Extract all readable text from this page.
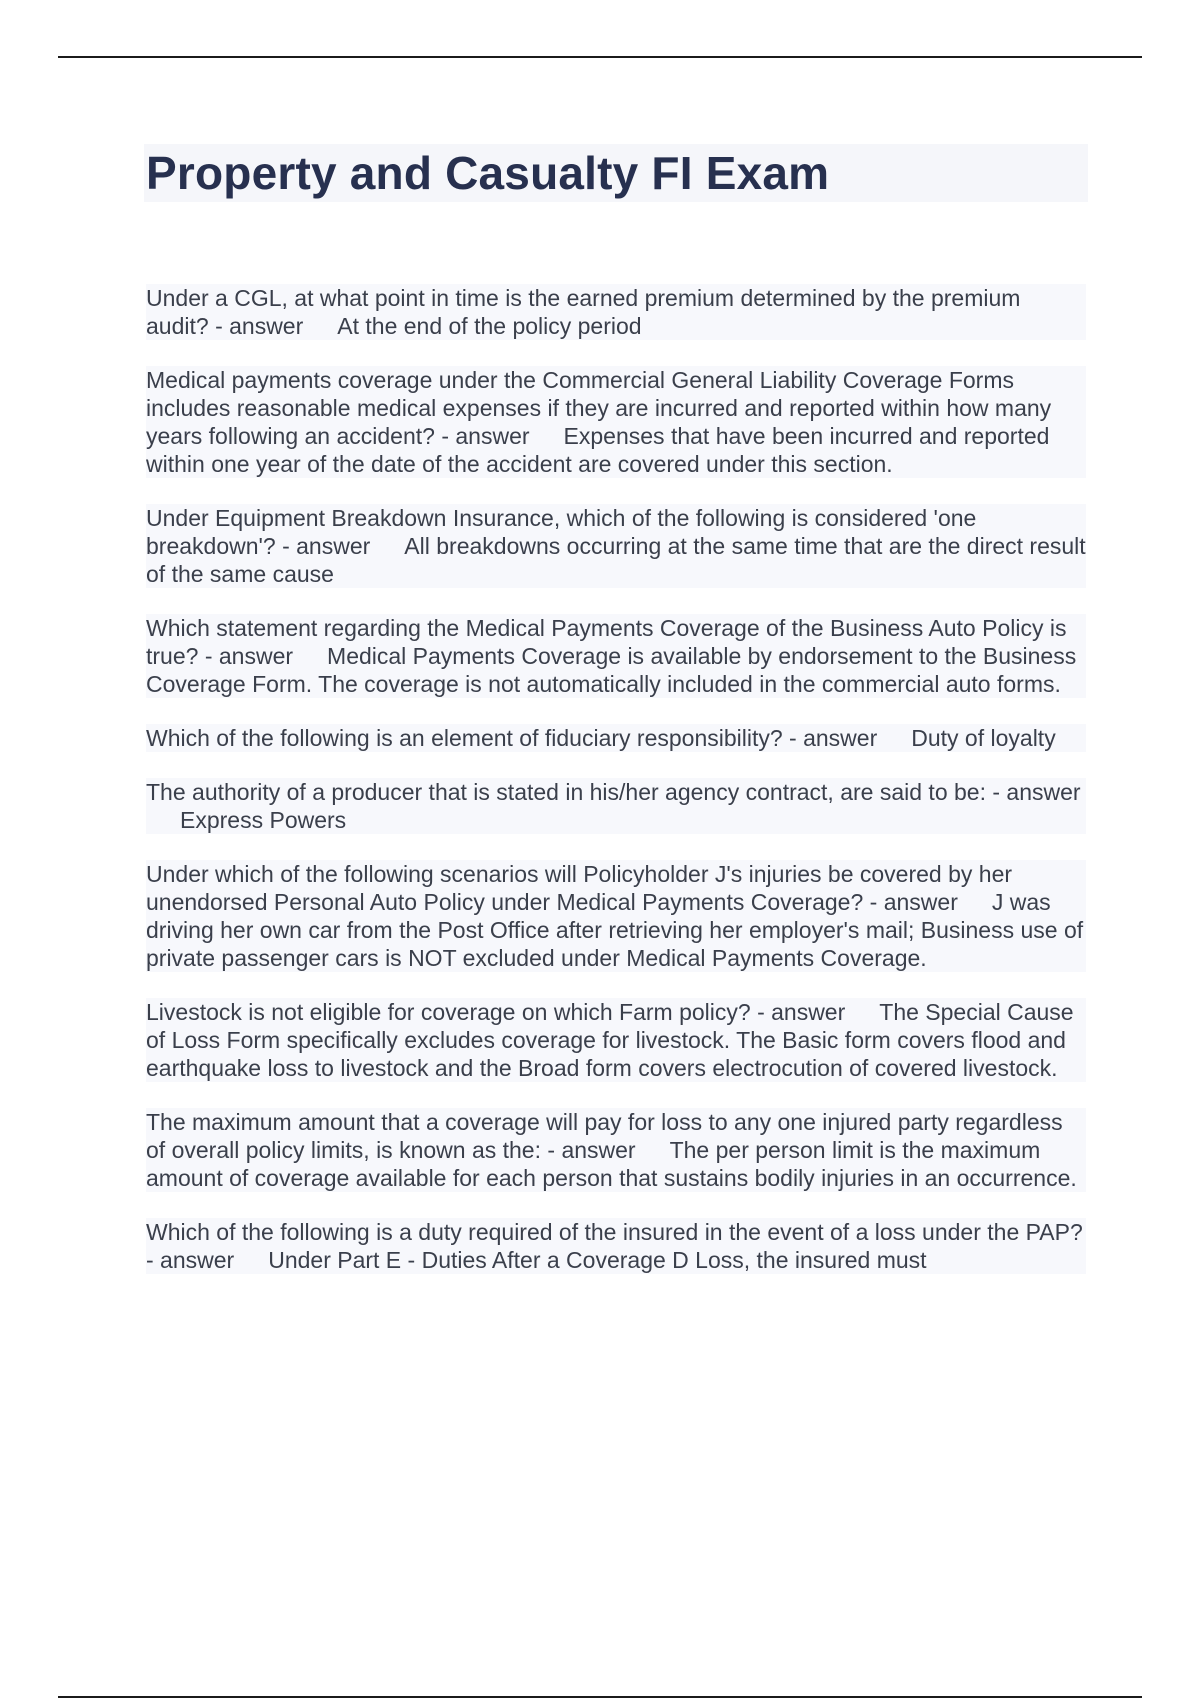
Property and Casualty FI Exam

Under a CGL, at what point in time is the earned premium determined by the premium audit? - answer At the end of the policy period

Medical payments coverage under the Commercial General Liability Coverage Forms includes reasonable medical expenses if they are incurred and reported within how many years following an accident? - answer Expenses that have been incurred and reported within one year of the date of the accident are covered under this section.

Under Equipment Breakdown Insurance, which of the following is considered 'one breakdown'? - answer All breakdowns occurring at the same time that are the direct result of the same cause

Which statement regarding the Medical Payments Coverage of the Business Auto Policy is true? - answer Medical Payments Coverage is available by endorsement to the Business Coverage Form. The coverage is not automatically included in the commercial auto forms.

Which of the following is an element of fiduciary responsibility? - answer Duty of loyalty

The authority of a producer that is stated in his/her agency contract, are said to be: - answerExpress Powers

Under which of the following scenarios will Policyholder J's injuries be covered by her unendorsed Personal Auto Policy under Medical Payments Coverage? - answer J was driving her own car from the Post Office after retrieving her employer's mail; Business use of private passenger cars is NOT excluded under Medical Payments Coverage.

Livestock is not eligible for coverage on which Farm policy? - answer The Special Cause of Loss Form specifically excludes coverage for livestock. The Basic form covers flood and earthquake loss to livestock and the Broad form covers electrocution of covered livestock.

The maximum amount that a coverage will pay for loss to any one injured party regardless of overall policy limits, is known as the: - answer The per person limit is the maximum amount of coverage available for each person that sustains bodily injuries in an occurrence.

Which of the following is a duty required of the insured in the event of a loss under the PAP? - answer Under Part E - Duties After a Coverage D Loss, the insured must
